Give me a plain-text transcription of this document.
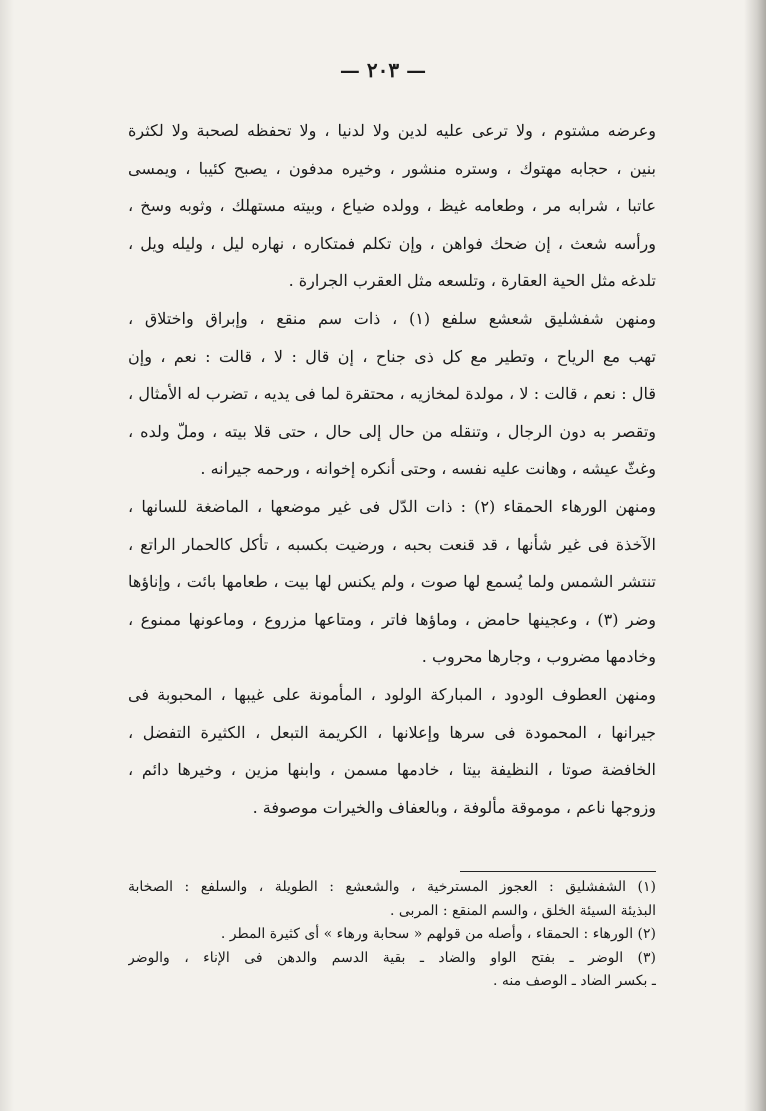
— ٢٠٣ —
وعرضه مشتوم ، ولا ترعى عليه لدين ولا لدنيا ، ولا تحفظه لصحبة ولا لكثرة
بنين ، حجابه مهتوك ، وستره منشور ، وخيره مدفون ، يصبح كئيبا ، ويمسى
عاتبا ، شرابه مر ، وطعامه غيظ ، وولده ضياع ، وبيته مستهلك ، وثوبه وسخ ،
ورأسه شعث ، إن ضحك فواهن ، وإن تكلم فمتكاره ، نهاره ليل ، وليله ويل ،
تلدغه مثل الحية العقارة ، وتلسعه مثل العقرب الجرارة .
ومنهن شفشليق شعشع سلفع (١) ، ذات سم منقع ، وإبراق واختلاق ،
تهب مع الرياح ، وتطير مع كل ذى جناح ، إن قال : لا ، قالت : نعم ، وإن
قال : نعم ، قالت : لا ، مولدة لمخازيه ، محتقرة لما فى يديه ، تضرب له الأمثال ،
وتقصر به دون الرجال ، وتنقله من حال إلى حال ، حتى قلا بيته ، وملّ ولده ،
وغثّ عيشه ، وهانت عليه نفسه ، وحتى أنكره إخوانه ، ورحمه جيرانه .
ومنهن الورهاء الحمقاء (٢) : ذات الدّل فى غير موضعها ، الماضغة للسانها ،
الآخذة فى غير شأنها ، قد قنعت بحبه ، ورضيت بكسبه ، تأكل كالحمار الراتع ،
تنتشر الشمس ولما يُسمع لها صوت ، ولم يكنس لها بيت ، طعامها بائت ، وإناؤها
وضر (٣) ، وعجينها حامض ، وماؤها فاتر ، ومتاعها مزروع ، وماعونها ممنوع ،
وخادمها مضروب ، وجارها محروب .
ومنهن العطوف الودود ، المباركة الولود ، المأمونة على غيبها ، المحبوبة فى
جيرانها ، المحمودة فى سرها وإعلانها ، الكريمة التبعل ، الكثيرة التفضل ،
الخافضة صوتا ، النظيفة بيتا ، خادمها مسمن ، وابنها مزين ، وخيرها دائم ،
وزوجها ناعم ، موموقة مألوفة ، وبالعفاف والخيرات موصوفة .
(١) الشفشليق : العجوز المسترخية ، والشعشع : الطويلة ، والسلفع : الصخابة
البذيئة السيئة الخلق ، والسم المنقع : المربى .
(٢) الورهاء : الحمقاء ، وأصله من قولهم « سحابة ورهاء » أى كثيرة المطر .
(٣) الوضر ـ بفتح الواو والضاد ـ بقية الدسم والدهن فى الإناء ، والوضر
ـ بكسر الضاد ـ الوصف منه .
